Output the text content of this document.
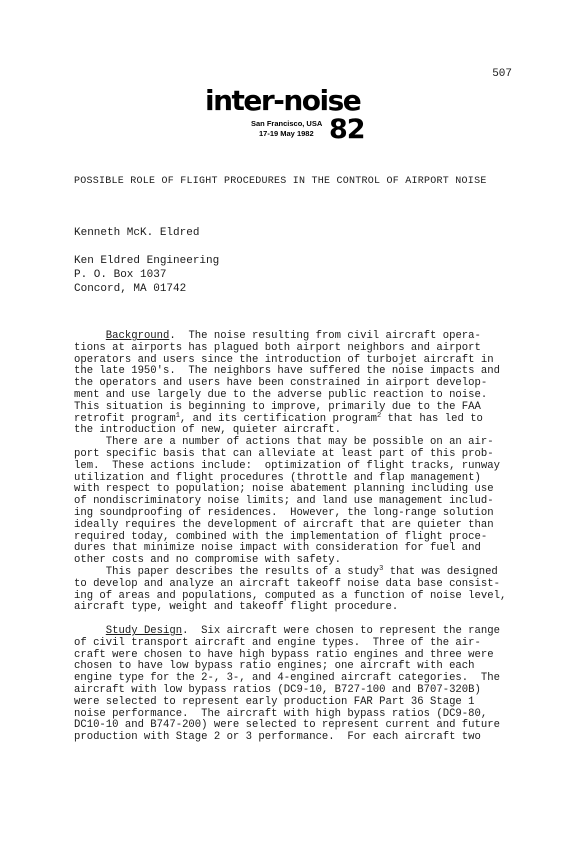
507
inter-noise
San Francisco, USA
17-19 May 1982 82
POSSIBLE ROLE OF FLIGHT PROCEDURES IN THE CONTROL OF AIRPORT NOISE
Kenneth McK. Eldred
Ken Eldred Engineering
P. O. Box 1037
Concord, MA 01742
Background.  The noise resulting from civil aircraft opera-
tions at airports has plagued both airport neighbors and airport
operators and users since the introduction of turbojet aircraft in
the late 1950's.  The neighbors have suffered the noise impacts and
the operators and users have been constrained in airport develop-
ment and use largely due to the adverse public reaction to noise.
This situation is beginning to improve, primarily due to the FAA
retrofit program$^1$, and its certification program$^2$ that has led to
the introduction of new, quieter aircraft.
There are a number of actions that may be possible on an air-
port specific basis that can alleviate at least part of this prob-
lem.  These actions include:  optimization of flight tracks, runway
utilization and flight procedures (throttle and flap management)
with respect to population; noise abatement planning including use
of nondiscriminatory noise limits; and land use management includ-
ing soundproofing of residences.  However, the long-range solution
ideally requires the development of aircraft that are quieter than
required today, combined with the implementation of flight proce-
dures that minimize noise impact with consideration for fuel and
other costs and no compromise with safety.
This paper describes the results of a study$^3$ that was designed
to develop and analyze an aircraft takeoff noise data base consist-
ing of areas and populations, computed as a function of noise level,
aircraft type, weight and takeoff flight procedure.
Study Design.  Six aircraft were chosen to represent the range
of civil transport aircraft and engine types.  Three of the air-
craft were chosen to have high bypass ratio engines and three were
chosen to have low bypass ratio engines; one aircraft with each
engine type for the 2-, 3-, and 4-engined aircraft categories.  The
aircraft with low bypass ratios (DC9-10, B727-100 and B707-320B)
were selected to represent early production FAR Part 36 Stage 1
noise performance.  The aircraft with high bypass ratios (DC9-80,
DC10-10 and B747-200) were selected to represent current and future
production with Stage 2 or 3 performance.  For each aircraft two
